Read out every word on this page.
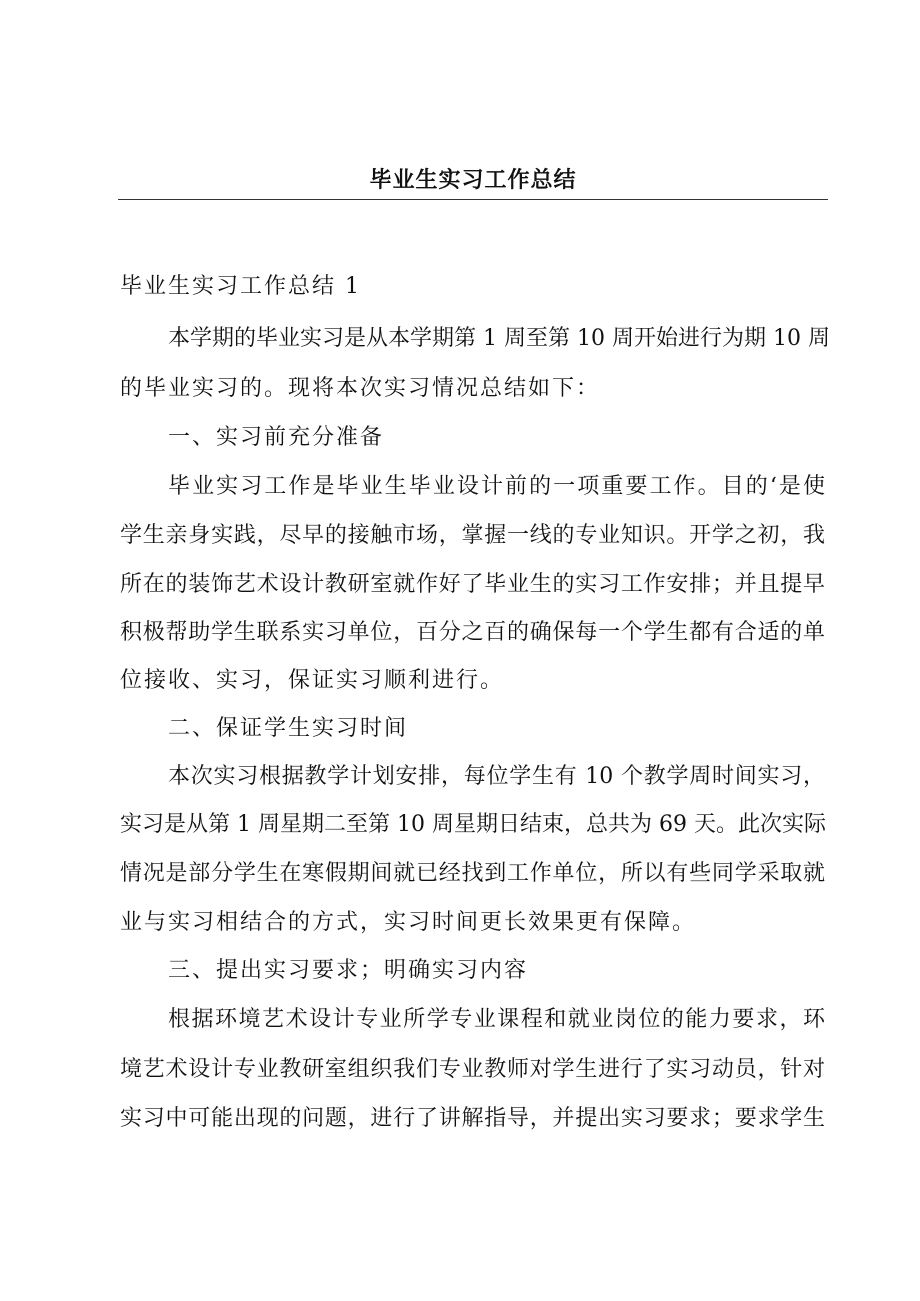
毕业生实习工作总结
毕业生实习工作总结 1
本学期的毕业实习是从本学期第 1 周至第 10 周开始进行为期 10 周
的毕业实习的。现将本次实习情况总结如下：
一、实习前充分准备
毕业实习工作是毕业生毕业设计前的一项重要工作。目的‘是使
学生亲身实践，尽早的接触市场，掌握一线的专业知识。开学之初，我
所在的装饰艺术设计教研室就作好了毕业生的实习工作安排；并且提早
积极帮助学生联系实习单位，百分之百的确保每一个学生都有合适的单
位接收、实习，保证实习顺利进行。
二、保证学生实习时间
本次实习根据教学计划安排，每位学生有 10 个教学周时间实习，
实习是从第 1 周星期二至第 10 周星期日结束，总共为 69 天。此次实际
情况是部分学生在寒假期间就已经找到工作单位，所以有些同学采取就
业与实习相结合的方式，实习时间更长效果更有保障。
三、提出实习要求；明确实习内容
根据环境艺术设计专业所学专业课程和就业岗位的能力要求，环
境艺术设计专业教研室组织我们专业教师对学生进行了实习动员，针对
实习中可能出现的问题，进行了讲解指导，并提出实习要求；要求学生
